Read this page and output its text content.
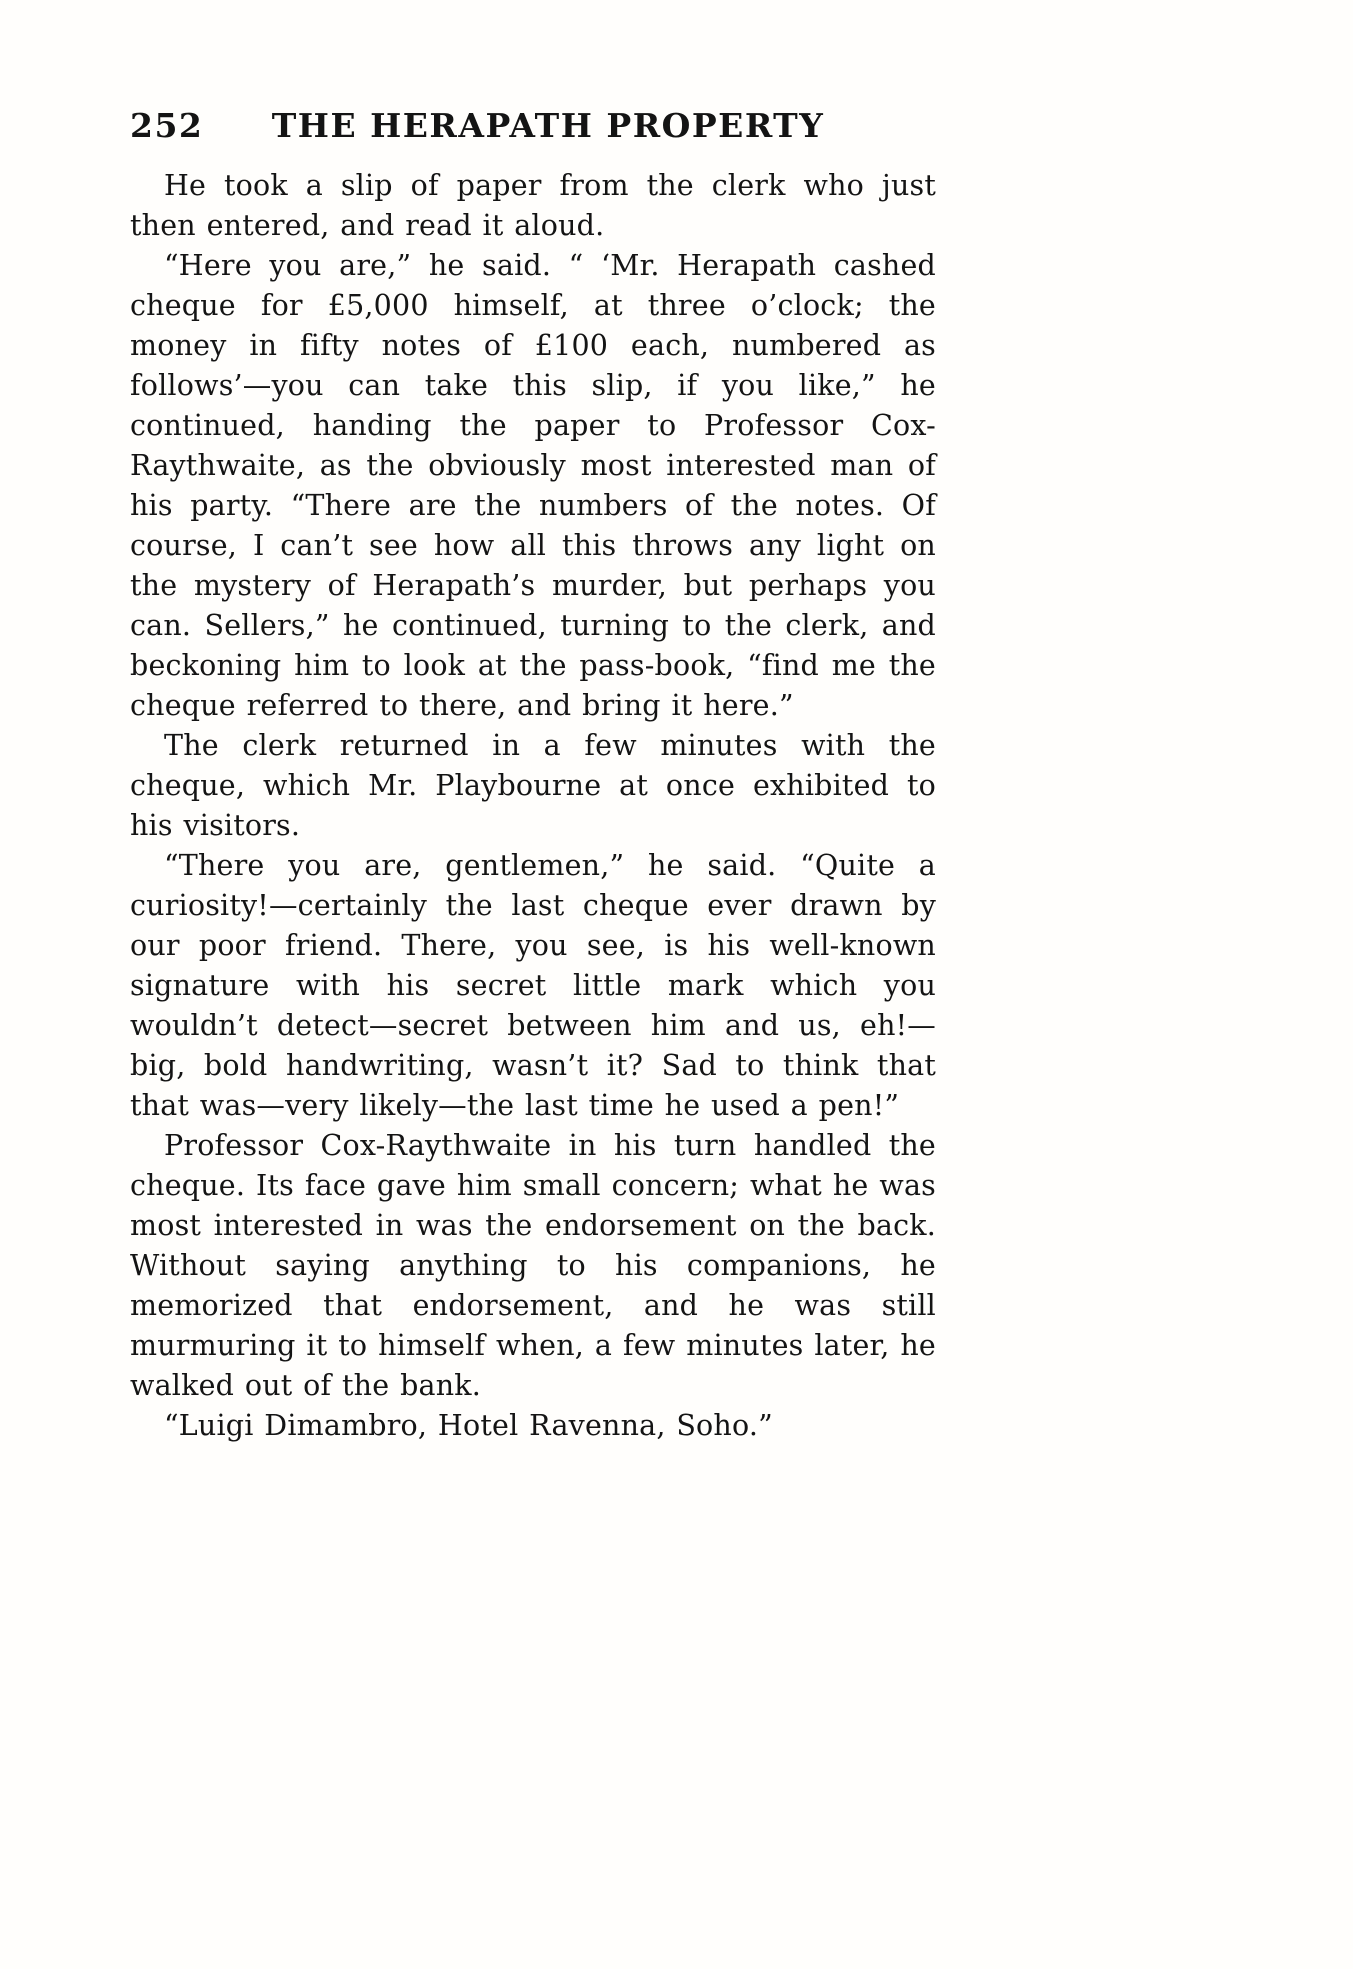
252	THE HERAPATH PROPERTY

He took a slip of paper from the clerk who just then entered, and read it aloud.

“Here you are,” he said. “ ‘Mr. Herapath cashed cheque for £5,000 himself, at three o’clock; the money in fifty notes of £100 each, numbered as follows’—you can take this slip, if you like,” he continued, handing the paper to Professor Cox-Raythwaite, as the obviously most interested man of his party. “There are the numbers of the notes. Of course, I can’t see how all this throws any light on the mystery of Herapath’s murder, but perhaps you can. Sellers,” he continued, turning to the clerk, and beckoning him to look at the pass-book, “find me the cheque referred to there, and bring it here.”

The clerk returned in a few minutes with the cheque, which Mr. Playbourne at once exhibited to his visitors.

“There you are, gentlemen,” he said. “Quite a curiosity!—certainly the last cheque ever drawn by our poor friend. There, you see, is his well-known signature with his secret little mark which you wouldn’t detect—secret between him and us, eh!—big, bold handwriting, wasn’t it? Sad to think that that was—very likely—the last time he used a pen!”

Professor Cox-Raythwaite in his turn handled the cheque. Its face gave him small concern; what he was most interested in was the endorsement on the back. Without saying anything to his companions, he memorized that endorsement, and he was still murmuring it to himself when, a few minutes later, he walked out of the bank.

“Luigi Dimambro, Hotel Ravenna, Soho.”
